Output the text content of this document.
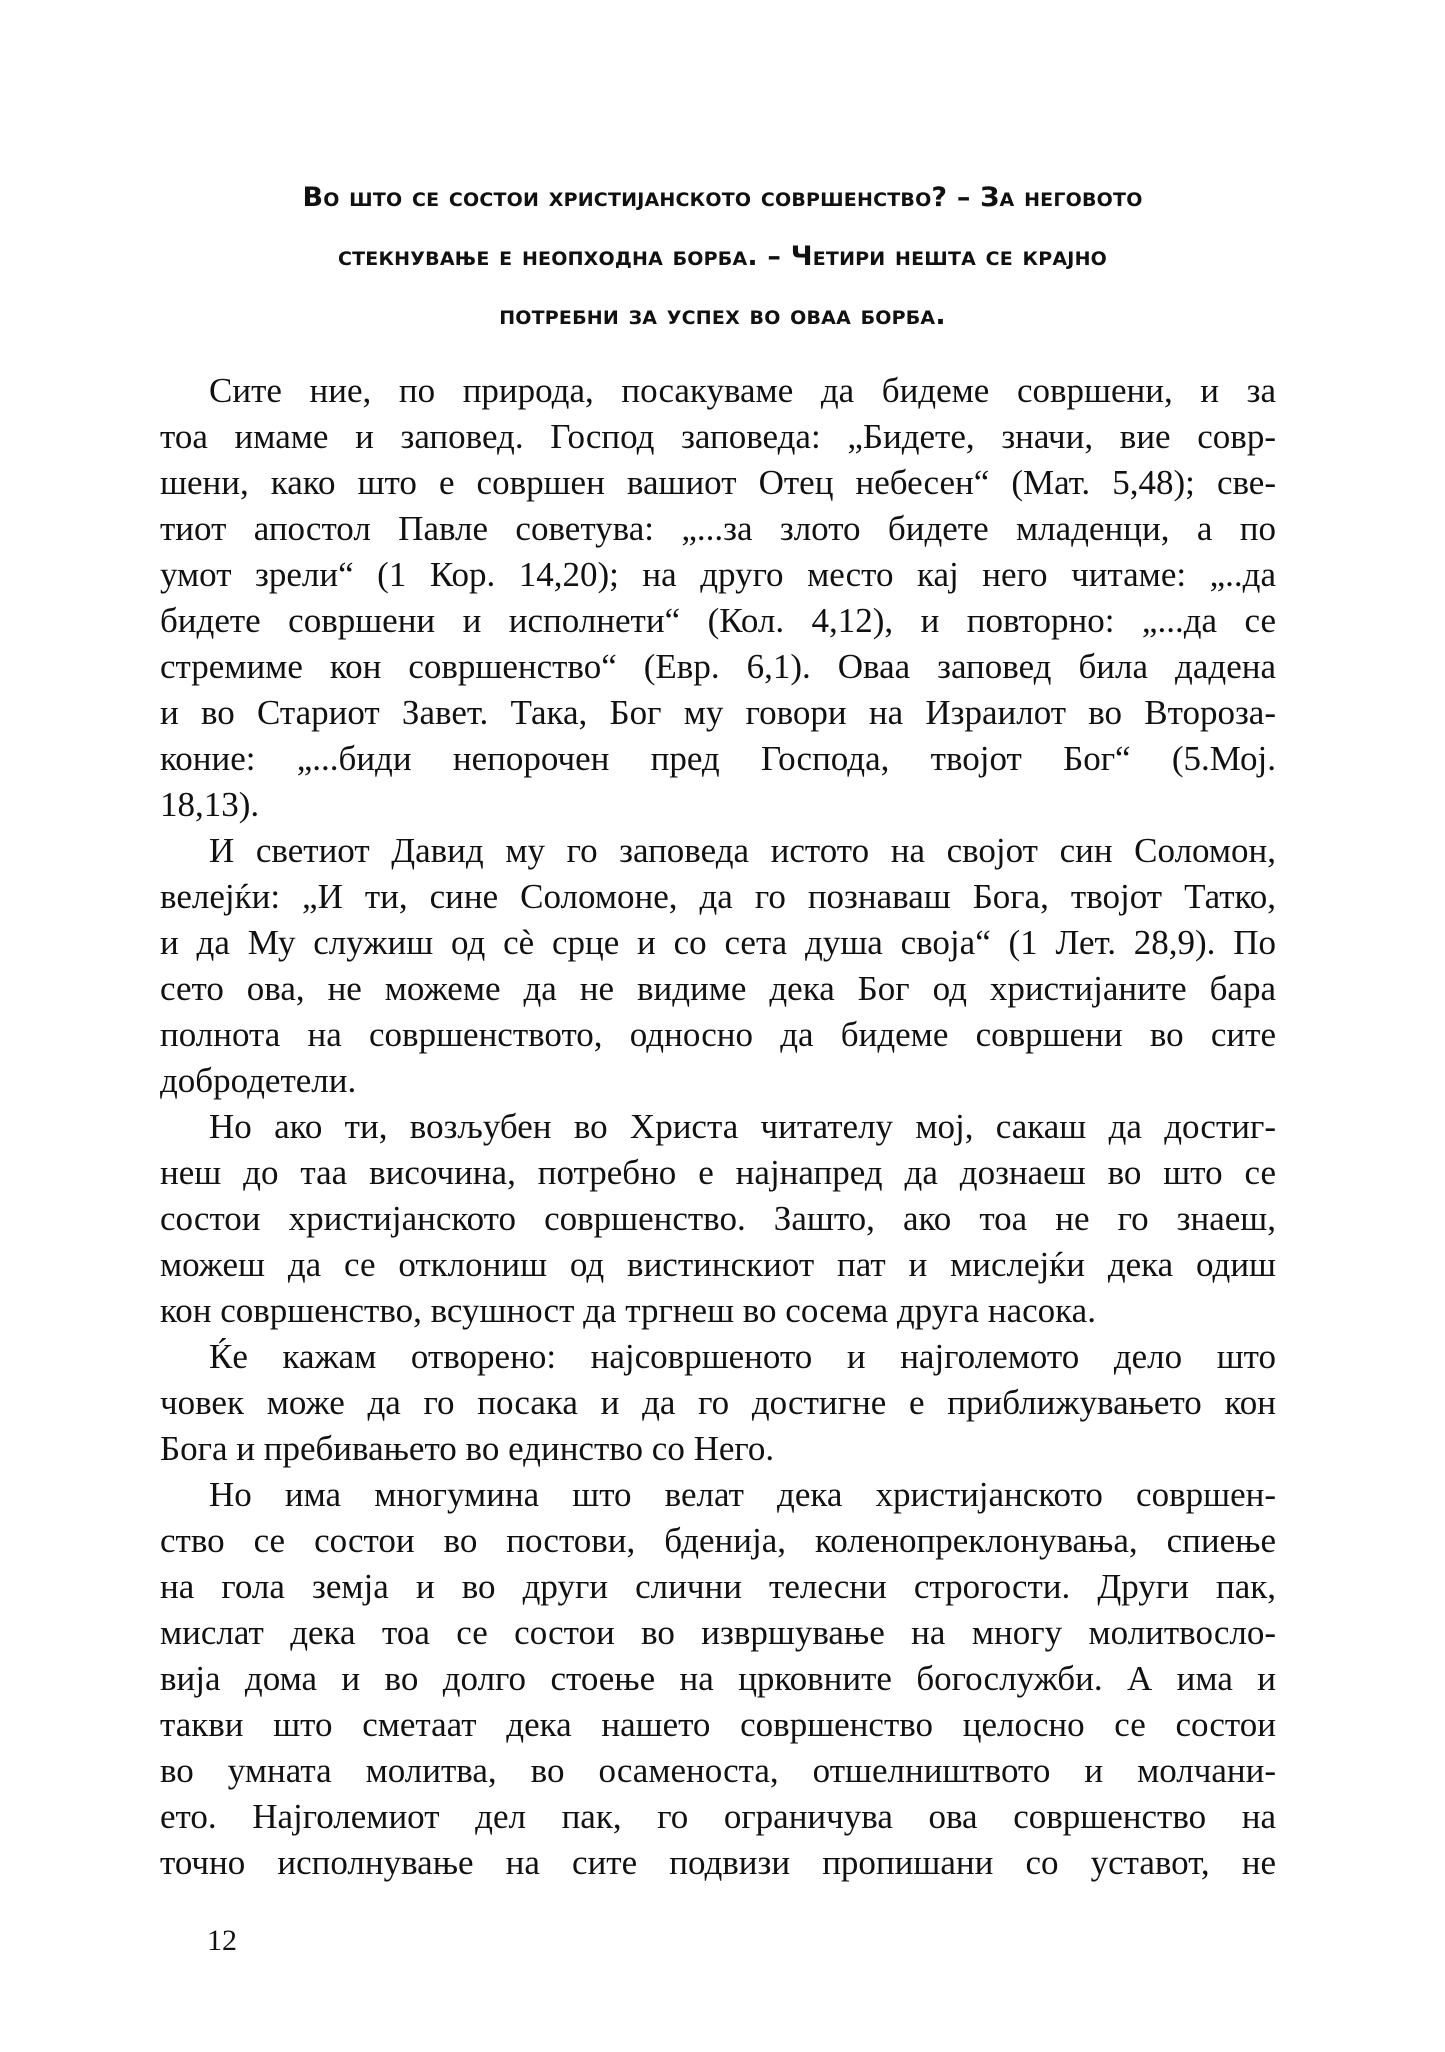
Во што се состои христијанското совршенство? – За неговото
стекнување е неопходна борба. – Четири нешта се крајно
потребни за успех во оваа борба.
Сите ние, по природа, посакуваме да бидеме совршени, и за
тоа имаме и заповед. Господ заповеда: „Бидете, значи, вие совр-
шени, како што е совршен вашиот Отец небесен“ (Мат. 5,48); све-
тиот апостол Павле советува: „...за злото бидете младенци, а по
умот зрели“ (1 Кор. 14,20); на друго место кај него читаме: „..да
бидете совршени и исполнети“ (Кол. 4,12), и повторно: „...да се
стремиме кон совршенство“ (Евр. 6,1). Оваа заповед била дадена
и во Стариот Завет. Така, Бог му говори на Израилот во Второза-
коние: „...биди непорочен пред Господа, твојот Бог“ (5.Мој.
18,13).
И светиот Давид му го заповеда истото на својот син Соломон,
велејќи: „И ти, сине Соломоне, да го познаваш Бога, твојот Татко,
и да Му служиш од сè срце и со сета душа своја“ (1 Лет. 28,9). По
сето ова, не можеме да не видиме дека Бог од христијаните бара
полнота на совршенството, односно да бидеме совршени во сите
добродетели.
Но ако ти, возљубен во Христа читателу мој, сакаш да достиг-
неш до таа височина, потребно е најнапред да дознаеш во што се
состои христијанското совршенство. Зашто, ако тоа не го знаеш,
можеш да се отклониш од вистинскиот пат и мислејќи дека одиш
кон совршенство, всушност да тргнеш во сосема друга насока.
Ќе кажам отворено: најсовршеното и најголемото дело што
човек може да го посака и да го достигне е приближувањето кон
Бога и пребивањето во единство со Него.
Но има многумина што велат дека христијанското совршен-
ство се состои во постови, бденија, коленопреклонувања, спиење
на гола земја и во други слични телесни строгости. Други пак,
мислат дека тоа се состои во извршување на многу молитвосло-
вија дома и во долго стоење на црковните богослужби. А има и
такви што сметаат дека нашето совршенство целосно се состои
во умната молитва, во осаменоста, отшелништвото и молчани-
ето. Најголемиот дел пак, го ограничува ова совршенство на
точно исполнување на сите подвизи пропишани со уставот, не
12
